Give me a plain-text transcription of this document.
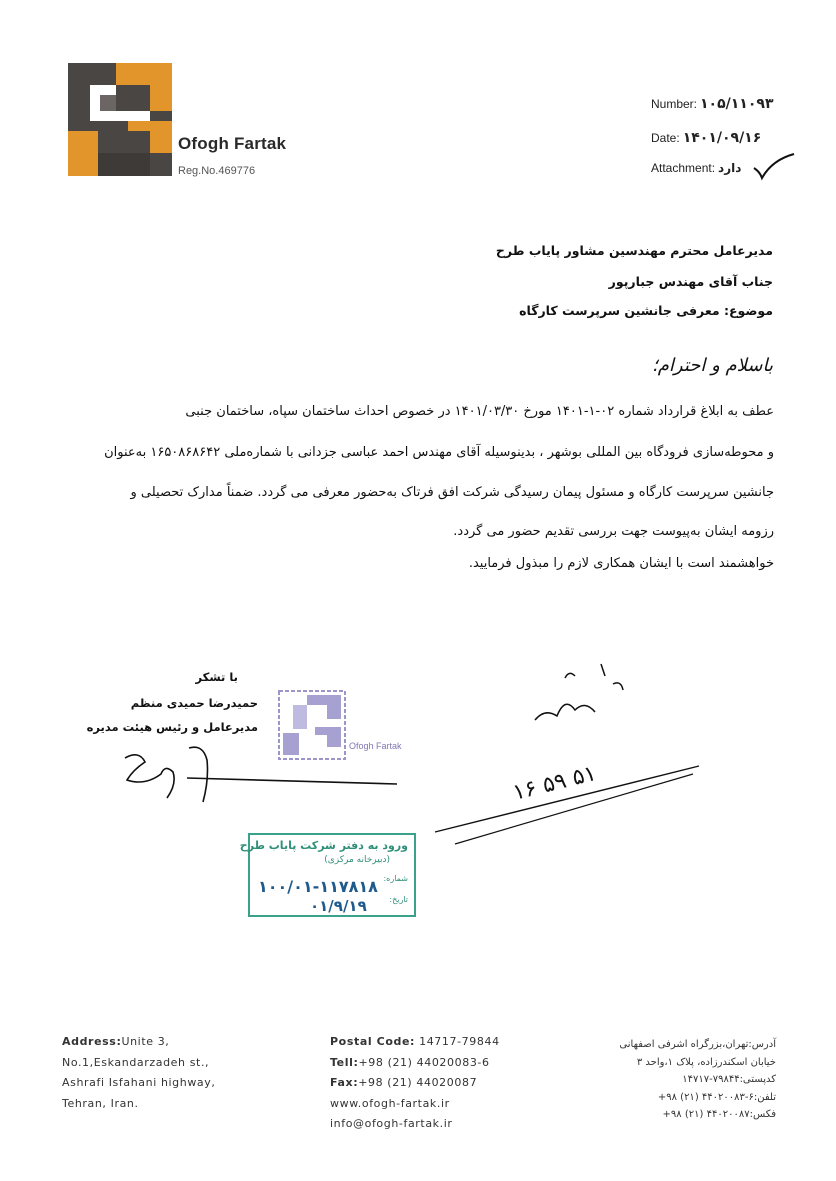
Ofogh Fartak
Reg.No.469776
Number: ۱۰۵/۱۱۰۹۳
Date: ۱۴۰۱/۰۹/۱۶
Attachment: دارد
مدیرعامل محترم مهندسین مشاور پایاب طرح
جناب آقای مهندس جبارپور
موضوع: معرفی جانشین سرپرست کارگاه
باسلام و احترام؛
عطف به ابلاغ قرارداد شماره ۰۲-۱-۱۴۰۱ مورخ ۱۴۰۱/۰۳/۳۰ در خصوص احداث ساختمان سپاه، ساختمان جنبی
و محوطه‌سازی فرودگاه بین المللی بوشهر ، بدینوسیله آقای مهندس احمد عباسی جزدانی با شماره‌ملی ۱۶۵۰۸۶۸۶۴۲ به‌عنوان
جانشین سرپرست کارگاه و مسئول پیمان رسیدگی شرکت افق فرتاک به‌حضور معرفی می گردد. ضمناً مدارک تحصیلی و
رزومه ایشان به‌پیوست جهت بررسی تقدیم حضور می گردد.
خواهشمند است با ایشان همکاری لازم را مبذول فرمایید.
با تشکر
حمیدرضا حمیدی منظم
مدیرعامل و رئیس هیئت مدیره
Ofogh Fartak
۱۶ ۵۹ ۵۱
ورود به دفتر شرکت پایاب طرح
(دبیرخانه مرکزی)
شماره:
تاریخ:
۱۰۰/۰۱-۱۱۷۸۱۸
۰۱/۹/۱۹
Address:Unite 3,
No.1,Eskandarzadeh st.,
Ashrafi Isfahani highway,
Tehran, Iran.
Postal Code: 14717-79844
Tell:+98 (21) 44020083-6
Fax:+98 (21) 44020087
www.ofogh-fartak.ir
info@ofogh-fartak.ir
آدرس:تهران،بزرگراه اشرفی اصفهانی
خیابان اسکندرزاده، پلاک ۱،واحد ۳
کدپستی:۷۹۸۴۴-۱۴۷۱۷
تلفن:۶-۴۴۰۲۰۰۸۳ (۲۱) ۹۸+
فکس:۴۴۰۲۰۰۸۷ (۲۱) ۹۸+
